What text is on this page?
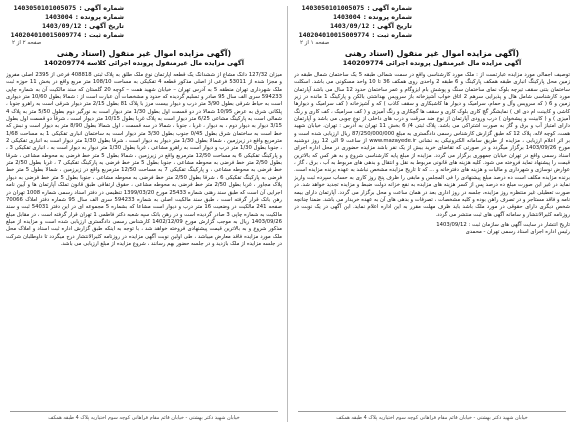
شماره آگهی :
1403050101005075
شماره پرونده :
1403004
تاریخ آگهی :
1403/09/12
شماره ثبت :
140204010015009774
صفحه ۲ از ۲
(آگهی مزایده اموال غیر منقول (اسناد رهنی
آگهی مزایده مال غیرمنقول پرونده اجرائی کلاسه 140209774
میزان 127/32 دانگ مشاع از ششدانگ یک قطعه آپارتمان نوع ملک طلق به پلاک ثبتی 408818 فرعی از 2395 اصلی مفروز و مجزا شده از 53011 فرعی از اصلی مذکور قطعه 4 تفکیکی به مساحت 108/10 متر مربع واقع در بخش 11 حوزه ثبت ملک شهرداری تهران منطقه 5 به آدرس تهران – خیابان شهید همت – کوچه 20 گلستان که سند مالکیت آن به شماره چاپی 594233 سری الف سال 95 صادر و تسلیم گردیده که حدود و مشخصات آن عبارت است از : شمالا بطول 10/60 متر دیواری است به حیاط شرقی بطول 3/90 متر درب و دیوار بیست مرز با پلاک 81 بطول 2/15 متر دیوار شرقی است به راهرو جنوبا ، پلکانی شرق به عرض 10/95 شمالا در دو قسمت اول بطول 1/30 متر دیوار است به نورگیر دوم بطول 5/50 متر به پلاک 4 شمالی است به پارکینگ مشاعی 6/25 متر دیوار است به پلاک غربا بطول 10/15 متر دیوار است ، شرقاً دو قسمت اول بطول 3/15 دیوار به دیوار دوم ، به دیوار ، غربا ، جنوبا ، شمالا در سه قسمت ، اول شمالا بطول 8/90 متر به دیوار است و نبش که خط است به ساختمان شرق بطول 0/45 جنوب بطول 3/30 متر دیوار است به ساختمان انباری تفکیکی 1 به مساحت 1/68 مترمربع واقع در زیرزمین ، شمالا بطول 1/30 متر دیوار به دیوار است ، شرقا بطول 1/30 متر دیوار است به انباری تفکیکی 2 ، جنوبا بطول 1/30 متر درب و دیوار است به راهرو مشاعی ، غربا بطول 1/30 متر دیوار به دیوار است به ، انباری تفکیکی 3 ، و پارکینگ تفکیکی 6 به مساحت 12/50 مترمربع واقع در زیرزمین ، شمالا بطول 5 متر خط فرضی به محوطه مشاعی ، شرقا بطول 2/50 متر خط فرضی به محوطه مشاعی ، جنوبا بطول 5 متر خط فرضی به پارکینگ تفکیکی 7 ، غربا بطول 2/50 متر خط فرضی به محوطه مشاعی ، و پارکینگ تفکیکی 7 به مساحت 12/50 مترمربع واقع در زیرزمین ، شمالا بطول 5 متر خط فرضی به پارکینگ تفکیکی 6 ، شرقا بطول 2/50 متر خط فرضی به محوطه مشاعی ، جنوبا بطول 5 متر خط فرضی به دیوار پلاک مجاور ، غربا بطول 2/50 متر خط فرضی به محوطه مشاعی ، حقوق ارتفاقی طبق قانون تملک آپارتمان ها و آیین نامه اجرایی آن است که طبق سند رهنی شماره 25433 مورخ 1399/03/20 تنظیمی در دفتر اسناد رسمی شماره 1008 تهران در رهن بانک قرار گرفته است ، طبق سند مالکیت اصلی به شماره 594233 سری الف سال 95 شماره دفتر املاک 70066 صفحه 241 مالکیت در وضعیت 16 متر درب و دیوار است مشاعا که بشماره 5 مجموعه ای در این دفتر 54031 ثبت و سند مالکیت به شماره چاپی 3 صادر گردیده است و در رهن بانک سپه شعبه دکتر فاطمی 1 تهران قرار گرفته است ، در مقابل مبلغ 1403/09/26 ریال به موجب گزارش مورخ 1402/12/09 کارشناس رسمی دادگستری ارزیابی شده است و مزایده از مبلغ مذکور شروع و به بالاترین قیمت پیشنهادی فروخته خواهد شد ، با توجه به اینکه طبق گزارش اداره ثبت اسناد و املاک محل ملک مورد مزایده فاقد معارض میباشد ، طی اولین نوبت آگهی مزایده در روزنامه کثیرالانتشار درج میگردد تا داوطلبان شرکت در جلسه مزایده از ملک بازدید و در جلسه حضور بهم رسانند ، شروع مزایده از مبلغ ارزیابی می باشد.
خیابان شهید دکتر بهشتی - خیابان قائم مقام فراهانی کوچه سوم اختیاریه پلاک 4 طبقه همکف
شماره آگهی :
1403050101005075
شماره پرونده :
1403004
تاریخ آگهی :
1403/09/12
شماره ثبت :
140204010015009774
صفحه ۱ از ۲
(آگهی مزایده اموال غیر منقول (اسناد رهنی
آگهی مزایده مال غیرمنقول پرونده اجرائی 140209774
توصیف اجمالی مورد مزایده عبارتست از : ملک مورد کارشناسی واقع در سمت شمالی طبقه 5 یک ساختمان شمال طبقه در زمین محل پارکینگ انباری طبقه همکف پارکینگ و 6 طبقه 2 واحدی روی همکف 36 تا 10 واحد مسکونی می باشد. اسکلت ساختمان بتنی سقف تیرچه بلوک نمای ساختمان سنگ و پوشش بام ایزوگام و عمر ساختمان حدود 12 سال می باشد آپارتمان مورد کارشناسی شامل هال و پذیرایی سرهم 2 اتاق خواب آشپزخانه باز سرویس بهداشتی بالکن و پارکینگ 1 مانده در زیر زمین و 6 ( که سرویس وآل و حمام، سرامیک و دیوار ها کاشیکاری و سقف کاذب ) که و آشپزخانه ( کف سرامیک و دیوارها کاشی و کابینت ام دی اف ) نمایشگر گچ کاری بلوک کاری و سقف ها گچکاری و رنگ آمیزی و ( کف سرامیک ، کف کاری و رنگ آمیزی ) و ( کابینت و پیشخوان ) درب ورودی آپارتمان از نوع ضد سرقت و درب های داخلی از نوع چوبی می باشد و آپارتمان دارای امتیاز آب و برق و گاز به صورت اشتراکی می باشد. پلاک ثبتی 4/ 6 بخش 11 تهران به آدرس : تهران، خیابان شهید همت، کوچه لاله، پلاک 12 که طبق گزارش کارشناس رسمی دادگستری به مبلغ 87/250/000/000 ریال ارزیابی شده است و بر اثر اعلام ارزیابی ، مزایده از طریق سامانه الکترونیکی به نشانی www.mazayede.ir از ساعت 9 الی 12 روز دوشنبه مورخ 1403/09/26 برگزار میگردد و در صورتی که تقاضای خرید بیش از یک نفر باشد مزایده حضوری در محل اداره اجرای اسناد رسمی واقع در تهران خیابان جمهوری برگزار می گردد. مزایده از مبلغ پایه کارشناسی شروع و به هر کس که بالاترین قیمت را پیشنهاد نماید فروخته می شود. کلیه هزینه های قانونی مربوط به نقل و انتقال و بدهی های مربوط به آب ، برق ، گاز ، عوارض نوسازی و شهرداری و مالیات و هزینه های دفترخانه و ... که تا تاریخ مزایده مشخص نباشد به عهده برنده مزایده است. برنده مزایده مکلف است ده درصد مبلغ پیشنهادی را فی المجلس و مابقی را ظرف پنج روز کاری به حساب سپرده ثبت واریز نماید در غیر این صورت مبلغ ده درصد پس از کسر هزینه های مزایده به نفع خزانه دولت ضبط و مزایده تجدید خواهد شد. در صورت تعطیلی غیر منتظره روز مزایده، جلسه در روز اداری بعد در همان ساعت و محل برگزار می گردد. آپارتمان دارای بیمه نامه و فاقد مستاجر و در تصرف راهن بوده و کلیه مشخصات ، تصرفات و بدهی های آن به عهده خریدار می باشد. ضمنا چنانچه شخص دیگری دارای حقوقی در مورد ملک باشد باید ظرف مهلت مقرر به این اداره اعلام نماید. این آگهی در یک نوبت در روزنامه کثیرالانتشار و سامانه آگهی های ثبت منتشر می گردد.
تاریخ انتشار در سایت آگهی های سازمان ثبت : 1403/09/12
رئیس اداره اجرای اسناد رسمی تهران - محمدی
خیابان شهید دکتر بهشتی - خیابان قائم مقام فراهانی کوچه سوم اختیاریه پلاک 4 طبقه همکف
